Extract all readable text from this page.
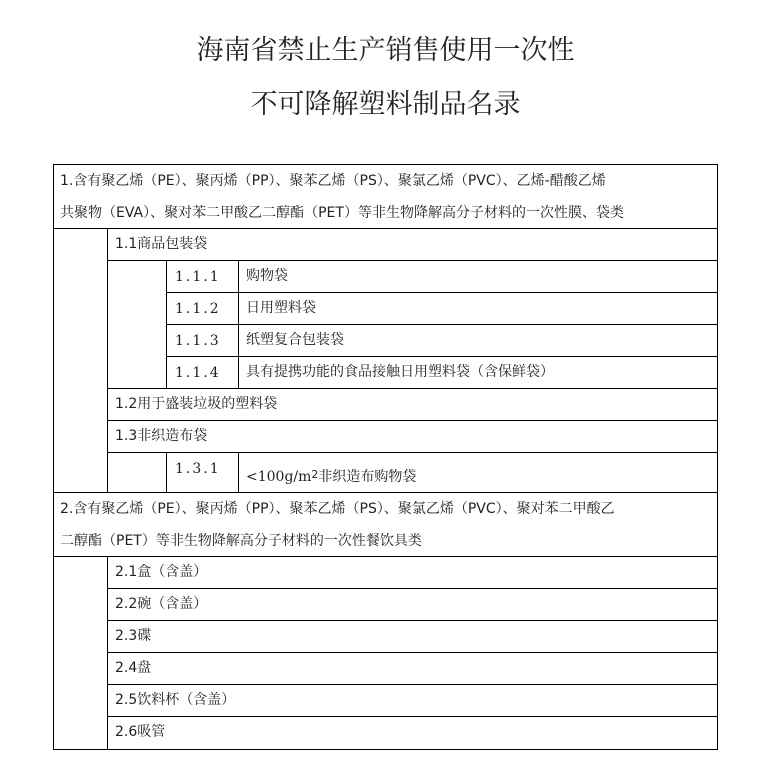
海南省禁止生产销售使用一次性
不可降解塑料制品名录
1.含有聚乙烯（PE）、聚丙烯（PP）、聚苯乙烯（PS）、聚氯乙烯（PVC）、乙烯-醋酸乙烯
共聚物（EVA）、聚对苯二甲酸乙二醇酯（PET）等非生物降解高分子材料的一次性膜、袋类
1.1商品包装袋
1.1.1 购物袋
1.1.2 日用塑料袋
1.1.3 纸塑复合包装袋
1.1.4 具有提携功能的食品接触日用塑料袋（含保鲜袋）
1.2用于盛装垃圾的塑料袋
1.3非织造布袋
$1.3.1 <100g/m^2$非织造布购物袋
2.含有聚乙烯（PE）、聚丙烯（PP）、聚苯乙烯（PS）、聚氯乙烯（PVC）、聚对苯二甲酸乙
二醇酯（PET）等非生物降解高分子材料的一次性餐饮具类
2.1盒（含盖）
2.2碗（含盖）
2.3碟
2.4盘
2.5饮料杯（含盖）
2.6吸管
